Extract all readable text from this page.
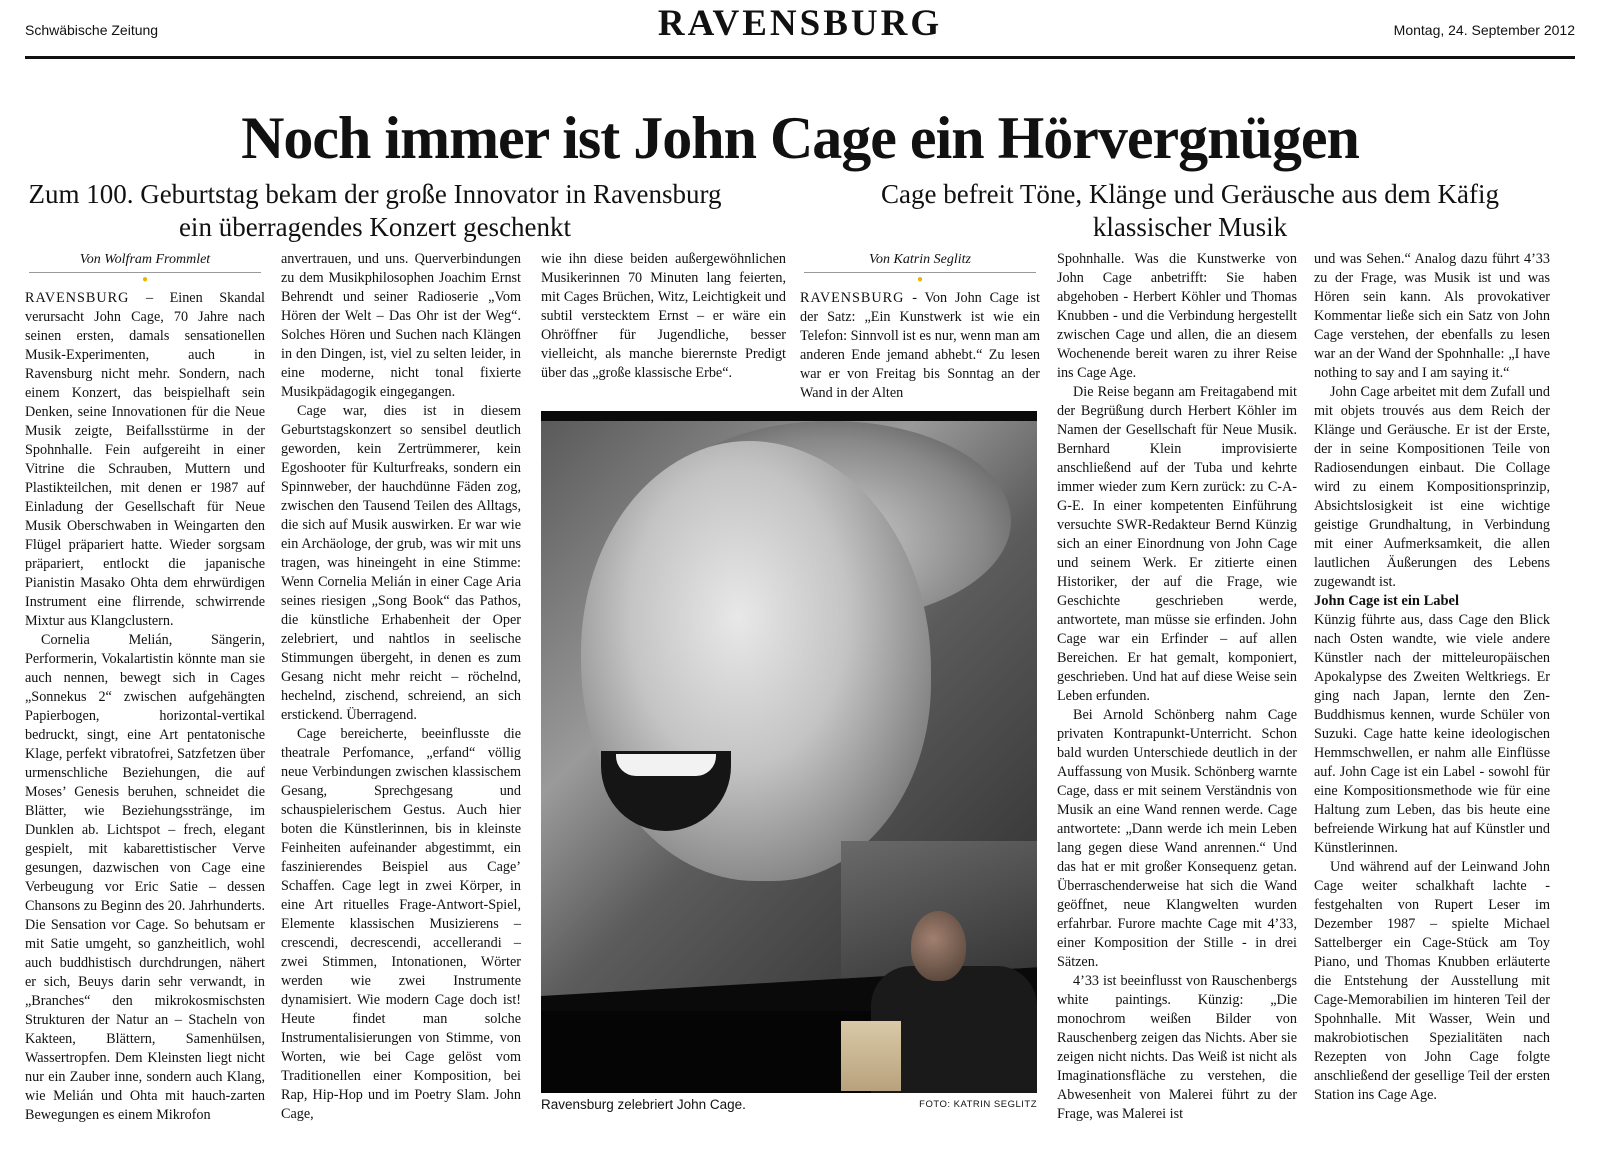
Schwäbische Zeitung	RAVENSBURG	Montag, 24. September 2012
Noch immer ist John Cage ein Hörvergnügen
Zum 100. Geburtstag bekam der große Innovator in Ravensburg ein überragendes Konzert geschenkt
Cage befreit Töne, Klänge und Geräusche aus dem Käfig klassischer Musik
Von Wolfram Frommlet
●

RAVENSBURG – Einen Skandal verursacht John Cage, 70 Jahre nach seinen ersten, damals sensationellen Musik-Experimenten, auch in Ravensburg nicht mehr. Sondern, nach einem Konzert, das beispielhaft sein Denken, seine Innovationen für die Neue Musik zeigte, Beifallsstürme in der Spohnhalle. Fein aufgereiht in einer Vitrine die Schrauben, Muttern und Plastikteilchen, mit denen er 1987 auf Einladung der Gesellschaft für Neue Musik Oberschwaben in Weingarten den Flügel präpariert hatte. Wieder sorgsam präpariert, entlockt die japanische Pianistin Masako Ohta dem ehrwürdigen Instrument eine flirrende, schwirrende Mixtur aus Klangclustern.

Cornelia Melián, Sängerin, Performerin, Vokalartistin könnte man sie auch nennen, bewegt sich in Cages „Sonnekus 2“ zwischen aufgehängten Papierbogen, horizontal-vertikal bedruckt, singt, eine Art pentatonische Klage, perfekt vibratofrei, Satzfetzen über urmenschliche Beziehungen, die auf Moses’ Genesis beruhen, schneidet die Blätter, wie Beziehungsstränge, im Dunklen ab. Lichtspot – frech, elegant gespielt, mit kabarettistischer Verve gesungen, dazwischen von Cage eine Verbeugung vor Eric Satie – dessen Chansons zu Beginn des 20. Jahrhunderts. Die Sensation vor Cage. So behutsam er mit Satie umgeht, so ganzheitlich, wohl auch buddhistisch durchdrungen, nähert er sich, Beuys darin sehr verwandt, in „Branches“ den mikrokosmischsten Strukturen der Natur an – Stacheln von Kakteen, Blättern, Samenhülsen, Wassertropfen. Dem Kleinsten liegt nicht nur ein Zauber inne, sondern auch Klang, wie Melián und Ohta mit hauch-zarten Bewegungen es einem Mikrofon

anvertrauen, und uns. Querverbindungen zu dem Musikphilosophen Joachim Ernst Behrendt und seiner Radioserie „Vom Hören der Welt – Das Ohr ist der Weg“. Solches Hören und Suchen nach Klängen in den Dingen, ist, viel zu selten leider, in eine moderne, nicht tonal fixierte Musikpädagogik eingegangen.

Cage war, dies ist in diesem Geburtstagskonzert so sensibel deutlich geworden, kein Zertrümmerer, kein Egoshooter für Kulturfreaks, sondern ein Spinnweber, der hauchdünne Fäden zog, zwischen den Tausend Teilen des Alltags, die sich auf Musik auswirken. Er war wie ein Archäologe, der grub, was wir mit uns tragen, was hineingeht in eine Stimme: Wenn Cornelia Melián in einer Cage Aria seines riesigen „Song Book“ das Pathos, die künstliche Erhabenheit der Oper zelebriert, und nahtlos in seelische Stimmungen übergeht, in denen es zum Gesang nicht mehr reicht – röchelnd, hechelnd, zischend, schreiend, an sich erstickend. Überragend.

Cage bereicherte, beeinflusste die theatrale Perfomance, „erfand“ völlig neue Verbindungen zwischen klassischem Gesang, Sprechgesang und schauspielerischem Gestus. Auch hier boten die Künstlerinnen, bis in kleinste Feinheiten aufeinander abgestimmt, ein faszinierendes Beispiel aus Cage’ Schaffen. Cage legt in zwei Körper, in eine Art rituelles Frage-Antwort-Spiel, Elemente klassischen Musizierens – crescendi, decrescendi, accellerandi – zwei Stimmen, Intonationen, Wörter werden wie zwei Instrumente dynamisiert. Wie modern Cage doch ist! Heute findet man solche Instrumentalisierungen von Stimme, von Worten, wie bei Cage gelöst vom Traditionellen einer Komposition, bei Rap, Hip-Hop und im Poetry Slam. John Cage,

wie ihn diese beiden außergewöhnlichen Musikerinnen 70 Minuten lang feierten, mit Cages Brüchen, Witz, Leichtigkeit und subtil verstecktem Ernst – er wäre ein Ohröffner für Jugendliche, besser vielleicht, als manche bierernste Predigt über das „große klassische Erbe“.

Ravensburg zelebriert John Cage.	FOTO: KATRIN SEGLITZ
Von Katrin Seglitz
●

RAVENSBURG - Von John Cage ist der Satz: „Ein Kunstwerk ist wie ein Telefon: Sinnvoll ist es nur, wenn man am anderen Ende jemand abhebt.“ Zu lesen war er von Freitag bis Sonntag an der Wand in der Alten

Spohnhalle. Was die Kunstwerke von John Cage anbetrifft: Sie haben abgehoben - Herbert Köhler und Thomas Knubben - und die Verbindung hergestellt zwischen Cage und allen, die an diesem Wochenende bereit waren zu ihrer Reise ins Cage Age.

Die Reise begann am Freitagabend mit der Begrüßung durch Herbert Köhler im Namen der Gesellschaft für Neue Musik. Bernhard Klein improvisierte anschließend auf der Tuba und kehrte immer wieder zum Kern zurück: zu C-A-G-E. In einer kompetenten Einführung versuchte SWR-Redakteur Bernd Künzig sich an einer Einordnung von John Cage und seinem Werk. Er zitierte einen Historiker, der auf die Frage, wie Geschichte geschrieben werde, antwortete, man müsse sie erfinden. John Cage war ein Erfinder – auf allen Bereichen. Er hat gemalt, komponiert, geschrieben. Und hat auf diese Weise sein Leben erfunden.

Bei Arnold Schönberg nahm Cage privaten Kontrapunkt-Unterricht. Schon bald wurden Unterschiede deutlich in der Auffassung von Musik. Schönberg warnte Cage, dass er mit seinem Verständnis von Musik an eine Wand rennen werde. Cage antwortete: „Dann werde ich mein Leben lang gegen diese Wand anrennen.“ Und das hat er mit großer Konsequenz getan. Überraschenderweise hat sich die Wand geöffnet, neue Klangwelten wurden erfahrbar. Furore machte Cage mit 4’33, einer Komposition der Stille - in drei Sätzen.

4’33 ist beeinflusst von Rauschenbergs white paintings. Künzig: „Die monochrom weißen Bilder von Rauschenberg zeigen das Nichts. Aber sie zeigen nicht nichts. Das Weiß ist nicht als Imaginationsfläche zu verstehen, die Abwesenheit von Malerei führt zu der Frage, was Malerei ist

und was Sehen.“ Analog dazu führt 4’33 zu der Frage, was Musik ist und was Hören sein kann. Als provokativer Kommentar ließe sich ein Satz von John Cage verstehen, der ebenfalls zu lesen war an der Wand der Spohnhalle: „I have nothing to say and I am saying it.“

John Cage arbeitet mit dem Zufall und mit objets trouvés aus dem Reich der Klänge und Geräusche. Er ist der Erste, der in seine Kompositionen Teile von Radiosendungen einbaut. Die Collage wird zu einem Kompositionsprinzip, Absichtslosigkeit ist eine wichtige geistige Grundhaltung, in Verbindung mit einer Aufmerksamkeit, die allen lautlichen Äußerungen des Lebens zugewandt ist.

John Cage ist ein Label

Künzig führte aus, dass Cage den Blick nach Osten wandte, wie viele andere Künstler nach der mitteleuropäischen Apokalypse des Zweiten Weltkriegs. Er ging nach Japan, lernte den Zen-Buddhismus kennen, wurde Schüler von Suzuki. Cage hatte keine ideologischen Hemmschwellen, er nahm alle Einflüsse auf. John Cage ist ein Label - sowohl für eine Kompositionsmethode wie für eine Haltung zum Leben, das bis heute eine befreiende Wirkung hat auf Künstler und Künstlerinnen.

Und während auf der Leinwand John Cage weiter schalkhaft lachte - festgehalten von Rupert Leser im Dezember 1987 – spielte Michael Sattelberger ein Cage-Stück am Toy Piano, und Thomas Knubben erläuterte die Entstehung der Ausstellung mit Cage-Memorabilien im hinteren Teil der Spohnhalle. Mit Wasser, Wein und makrobiotischen Spezialitäten nach Rezepten von John Cage folgte anschließend der gesellige Teil der ersten Station ins Cage Age.
